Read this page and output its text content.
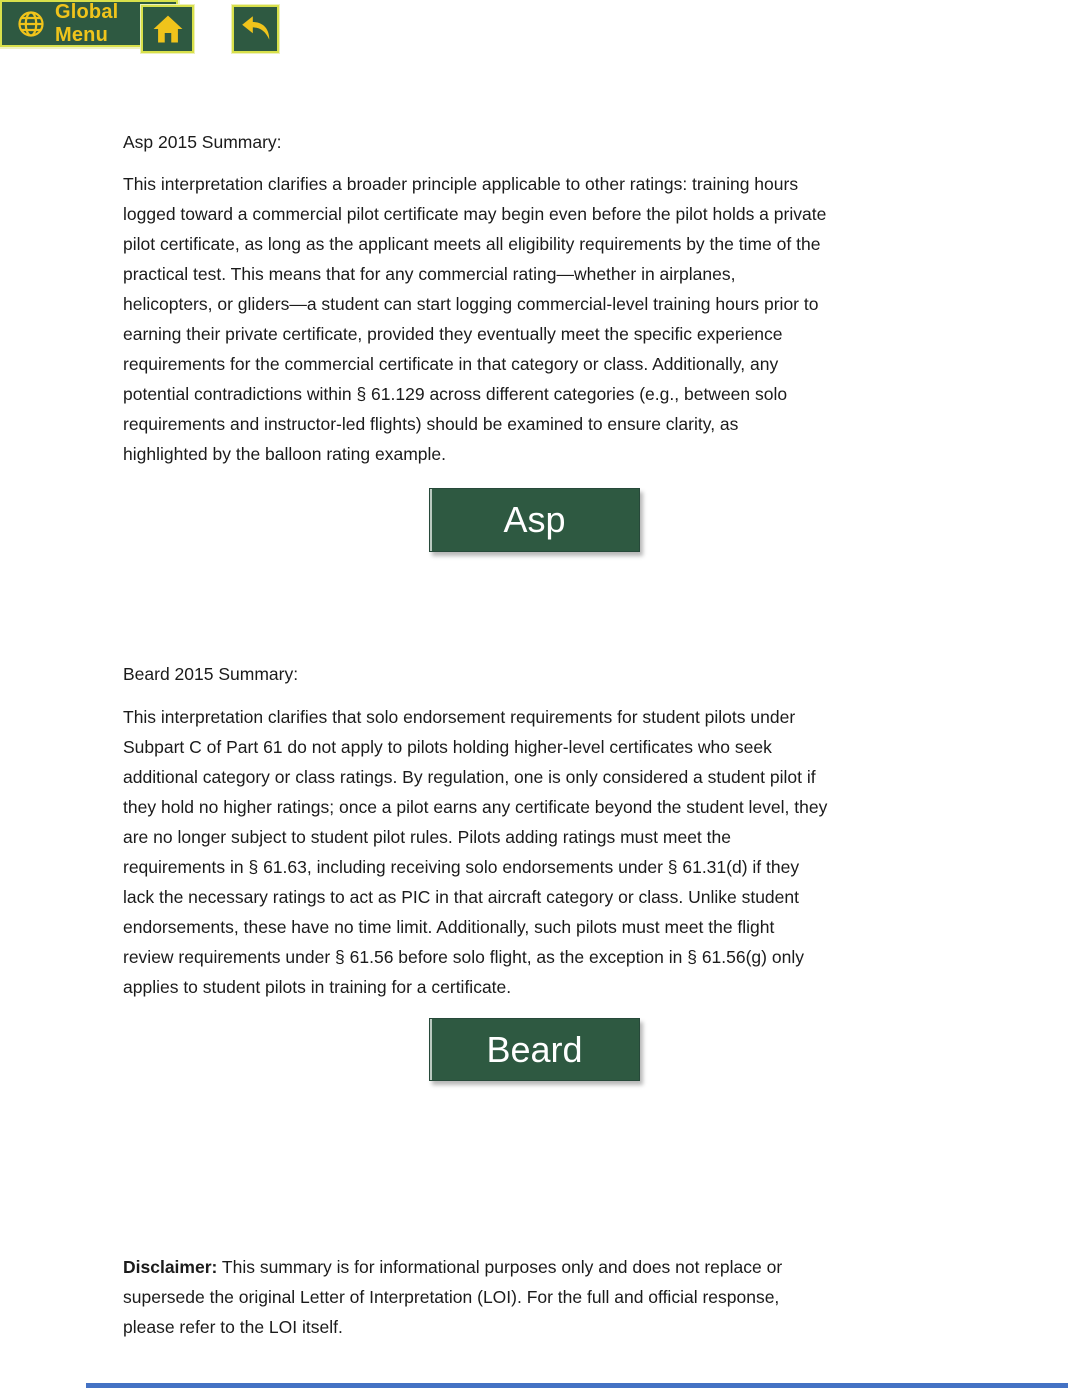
Global Menu
Asp 2015 Summary:
This interpretation clarifies a broader principle applicable to other ratings: training hours
logged toward a commercial pilot certificate may begin even before the pilot holds a private
pilot certificate, as long as the applicant meets all eligibility requirements by the time of the
practical test. This means that for any commercial rating—whether in airplanes,
helicopters, or gliders—a student can start logging commercial-level training hours prior to
earning their private certificate, provided they eventually meet the specific experience
requirements for the commercial certificate in that category or class. Additionally, any
potential contradictions within § 61.129 across different categories (e.g., between solo
requirements and instructor-led flights) should be examined to ensure clarity, as
highlighted by the balloon rating example.
Asp
Beard 2015 Summary:
This interpretation clarifies that solo endorsement requirements for student pilots under
Subpart C of Part 61 do not apply to pilots holding higher-level certificates who seek
additional category or class ratings. By regulation, one is only considered a student pilot if
they hold no higher ratings; once a pilot earns any certificate beyond the student level, they
are no longer subject to student pilot rules. Pilots adding ratings must meet the
requirements in § 61.63, including receiving solo endorsements under § 61.31(d) if they
lack the necessary ratings to act as PIC in that aircraft category or class. Unlike student
endorsements, these have no time limit. Additionally, such pilots must meet the flight
review requirements under § 61.56 before solo flight, as the exception in § 61.56(g) only
applies to student pilots in training for a certificate.
Beard
Disclaimer: This summary is for informational purposes only and does not replace or
supersede the original Letter of Interpretation (LOI). For the full and official response,
please refer to the LOI itself.
